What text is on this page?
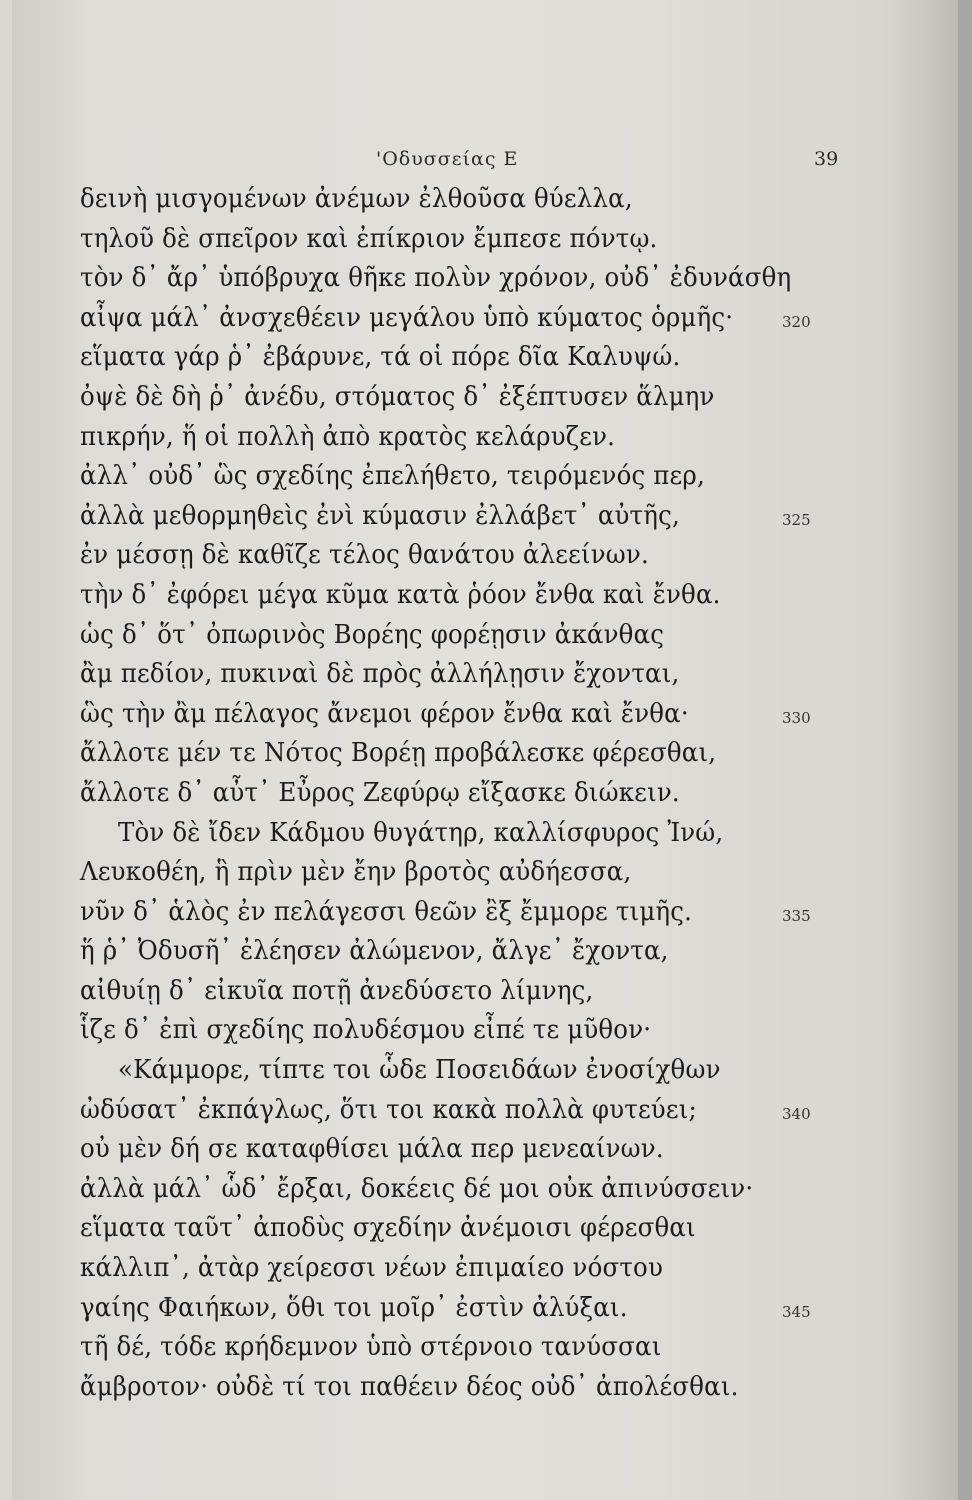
'Οδυσσείας Ε	39
δεινὴ μισγομένων ἀνέμων ἐλθοῦσα θύελλα,
τηλοῦ δὲ σπεῖρον καὶ ἐπίκριον ἔμπεσε πόντῳ.
τὸν δ᾽ ἄρ᾽ ὑπόβρυχα θῆκε πολὺν χρόνον, οὐδ᾽ ἐδυνάσθη
αἶψα μάλ᾽ ἀνσχεθέειν μεγάλου ὑπὸ κύματος ὁρμῆς·	320
εἵματα γάρ ῥ᾽ ἐβάρυνε, τά οἱ πόρε δῖα Καλυψώ.
ὀψὲ δὲ δὴ ῥ᾽ ἀνέδυ, στόματος δ᾽ ἐξέπτυσεν ἅλμην
πικρήν, ἥ οἱ πολλὴ ἀπὸ κρατὸς κελάρυζεν.
ἀλλ᾽ οὐδ᾽ ὣς σχεδίης ἐπελήθετο, τειρόμενός περ,
ἀλλὰ μεθορμηθεὶς ἐνὶ κύμασιν ἐλλάβετ᾽ αὐτῆς,	325
ἐν μέσσῃ δὲ καθῖζε τέλος θανάτου ἀλεείνων.
τὴν δ᾽ ἐφόρει μέγα κῦμα κατὰ ῥόον ἔνθα καὶ ἔνθα.
ὡς δ᾽ ὅτ᾽ ὀπωρινὸς Βορέης φορέῃσιν ἀκάνθας
ἂμ πεδίον, πυκιναὶ δὲ πρὸς ἀλλήλῃσιν ἔχονται,
ὣς τὴν ἂμ πέλαγος ἄνεμοι φέρον ἔνθα καὶ ἔνθα·	330
ἄλλοτε μέν τε Νότος Βορέῃ προβάλεσκε φέρεσθαι,
ἄλλοτε δ᾽ αὖτ᾽ Εὖρος Ζεφύρῳ εἴξασκε διώκειν.
Τὸν δὲ ἴδεν Κάδμου θυγάτηρ, καλλίσφυρος Ἰνώ,
Λευκοθέη, ἣ πρὶν μὲν ἔην βροτὸς αὐδήεσσα,
νῦν δ᾽ ἁλὸς ἐν πελάγεσσι θεῶν ἒξ ἔμμορε τιμῆς.	335
ἥ ῥ᾽ Ὀδυσῆ᾽ ἐλέησεν ἀλώμενον, ἄλγε᾽ ἔχοντα,
αἰθυίῃ δ᾽ εἰκυῖα ποτῇ ἀνεδύσετο λίμνης,
ἷζε δ᾽ ἐπὶ σχεδίης πολυδέσμου εἶπέ τε μῦθον·
«Κάμμορε, τίπτε τοι ὧδε Ποσειδάων ἐνοσίχθων
ὠδύσατ᾽ ἐκπάγλως, ὅτι τοι κακὰ πολλὰ φυτεύει;	340
οὐ μὲν δή σε καταφθίσει μάλα περ μενεαίνων.
ἀλλὰ μάλ᾽ ὧδ᾽ ἔρξαι, δοκέεις δέ μοι οὐκ ἀπινύσσειν·
εἵματα ταῦτ᾽ ἀποδὺς σχεδίην ἀνέμοισι φέρεσθαι
κάλλιπ᾽, ἀτὰρ χείρεσσι νέων ἐπιμαίεο νόστου
γαίης Φαιήκων, ὅθι τοι μοῖρ᾽ ἐστὶν ἀλύξαι.	345
τῆ δέ, τόδε κρήδεμνον ὑπὸ στέρνοιο τανύσσαι
ἄμβροτον· οὐδὲ τί τοι παθέειν δέος οὐδ᾽ ἀπολέσθαι.
